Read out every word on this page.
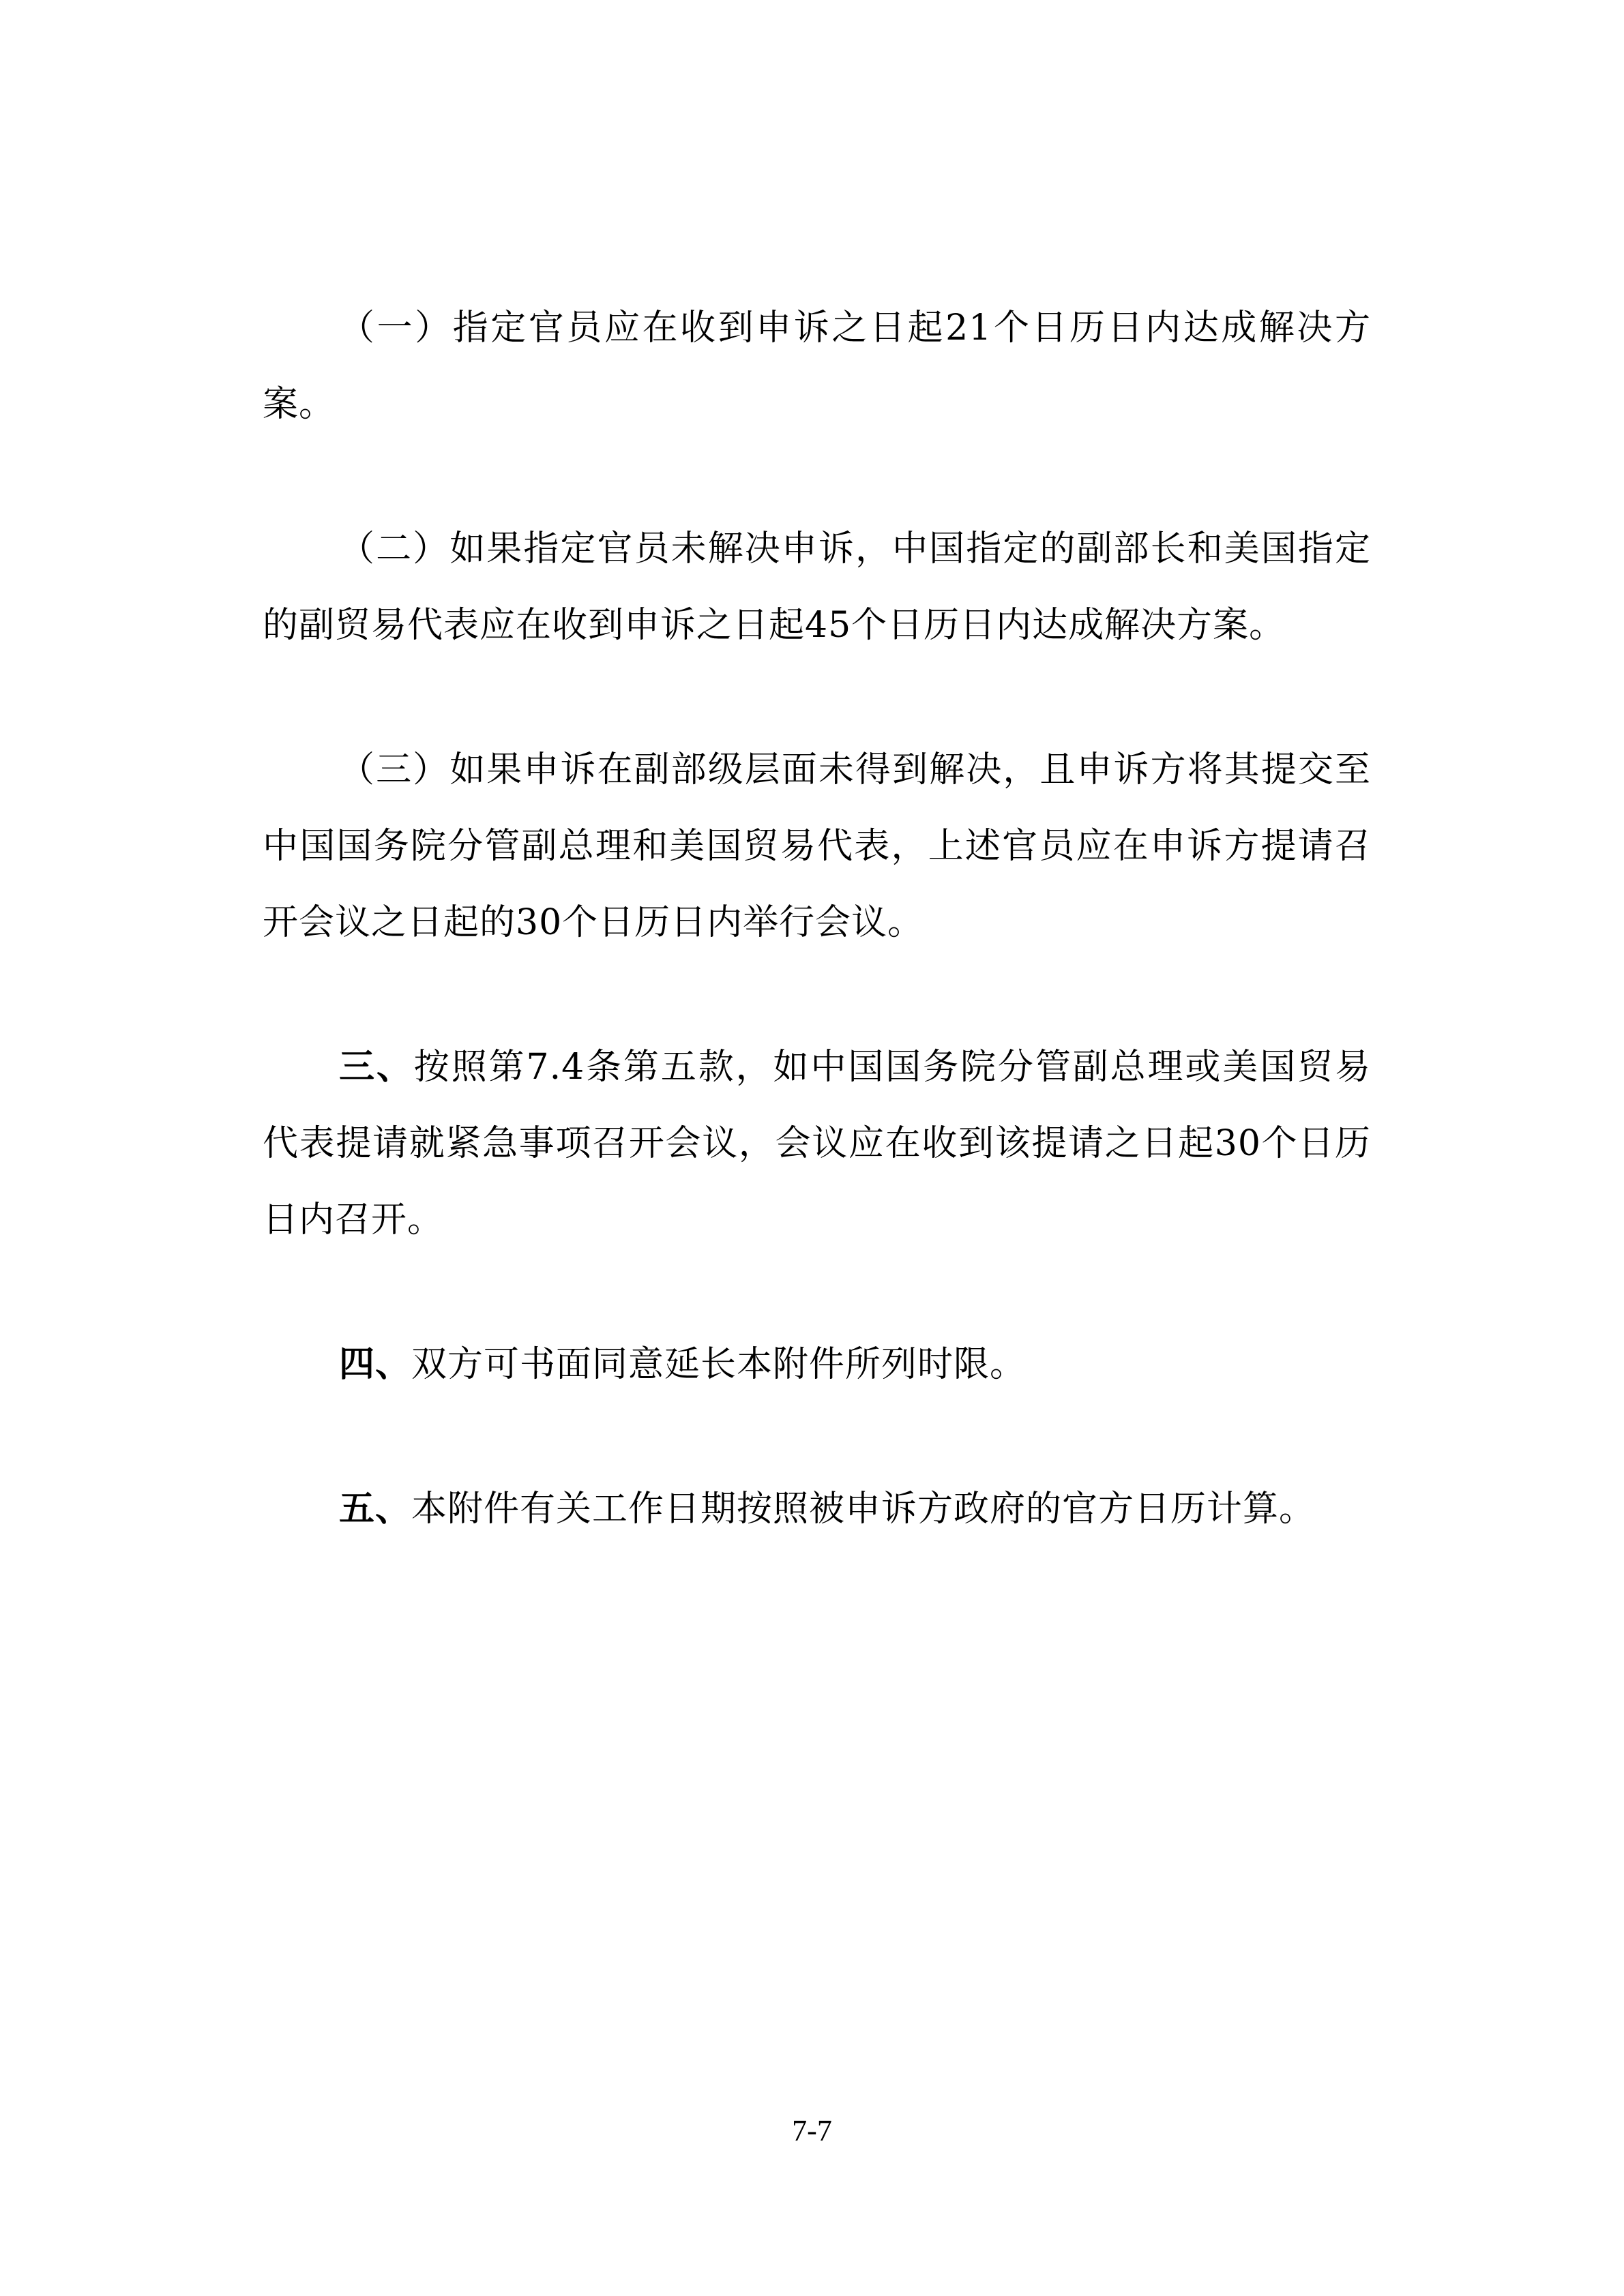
（一）指定官员应在收到申诉之日起21个日历日内达成解决方案。

（二）如果指定官员未解决申诉，中国指定的副部长和美国指定的副贸易代表应在收到申诉之日起45个日历日内达成解决方案。

（三）如果申诉在副部级层面未得到解决，且申诉方将其提交至中国国务院分管副总理和美国贸易代表，上述官员应在申诉方提请召开会议之日起的30个日历日内举行会议。

三、按照第7.4条第五款，如中国国务院分管副总理或美国贸易代表提请就紧急事项召开会议，会议应在收到该提请之日起30个日历日内召开。

四、双方可书面同意延长本附件所列时限。

五、本附件有关工作日期按照被申诉方政府的官方日历计算。

7-7
